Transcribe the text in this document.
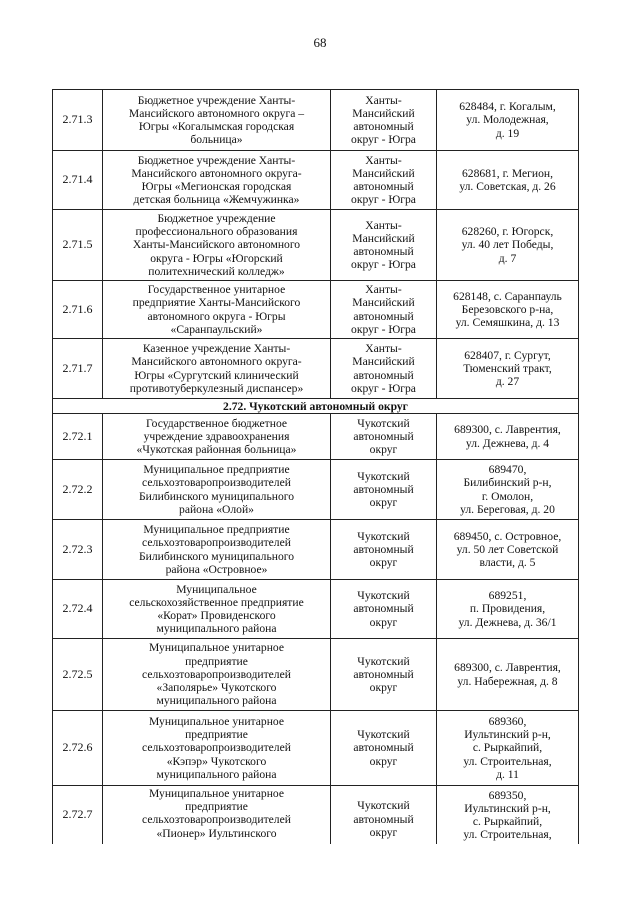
68
2.71.3	Бюджетное учреждение Ханты-
Мансийского автономного округа –
Югры «Когалымская городская
больница»	Ханты-
Мансийский
автономный
округ - Югра	628484, г. Когалым,
ул. Молодежная,
д. 19
2.71.4	Бюджетное учреждение Ханты-
Мансийского автономного округа-
Югры «Мегионская городская
детская больница «Жемчужинка»	Ханты-
Мансийский
автономный
округ - Югра	628681, г. Мегион,
ул. Советская, д. 26
2.71.5	Бюджетное учреждение
профессионального образования
Ханты-Мансийского автономного
округа - Югры «Югорский
политехнический колледж»	Ханты-
Мансийский
автономный
округ - Югра	628260, г. Югорск,
ул. 40 лет Победы,
д. 7
2.71.6	Государственное унитарное
предприятие Ханты-Мансийского
автономного округа - Югры
«Саранпаульский»	Ханты-
Мансийский
автономный
округ - Югра	628148, с. Саранпауль
Березовского р-на,
ул. Семяшкина, д. 13
2.71.7	Казенное учреждение Ханты-
Мансийского автономного округа-
Югры «Сургутский клинический
противотуберкулезный диспансер»	Ханты-
Мансийский
автономный
округ - Югра	628407, г. Сургут,
Тюменский тракт,
д. 27
2.72. Чукотский автономный округ			
2.72.1	Государственное бюджетное
учреждение здравоохранения
«Чукотская районная больница»	Чукотский
автономный
округ	689300, с. Лаврентия,
ул. Дежнева, д. 4
2.72.2	Муниципальное предприятие
сельхозтоваропроизводителей
Билибинского муниципального
района «Олой»	Чукотский
автономный
округ	689470,
Билибинский р-н,
г. Омолон,
ул. Береговая, д. 20
2.72.3	Муниципальное предприятие
сельхозтоваропроизводителей
Билибинского муниципального
района «Островное»	Чукотский
автономный
округ	689450, с. Островное,
ул. 50 лет Советской
власти, д. 5
2.72.4	Муниципальное
сельскохозяйственное предприятие
«Корат» Провиденского
муниципального района	Чукотский
автономный
округ	689251,
п. Провидения,
ул. Дежнева, д. 36/1
2.72.5	Муниципальное унитарное
предприятие
сельхозтоваропроизводителей
«Заполярье» Чукотского
муниципального района	Чукотский
автономный
округ	689300, с. Лаврентия,
ул. Набережная, д. 8
2.72.6	Муниципальное унитарное
предприятие
сельхозтоваропроизводителей
«Кэпэр» Чукотского
муниципального района	Чукотский
автономный
округ	689360,
Иультинский р-н,
с. Рыркайпий,
ул. Строительная,
д. 11
2.72.7	Муниципальное унитарное
предприятие
сельхозтоваропроизводителей
«Пионер» Иультинского	Чукотский
автономный
округ	689350,
Иультинский р-н,
с. Рыркайпий,
ул. Строительная,
